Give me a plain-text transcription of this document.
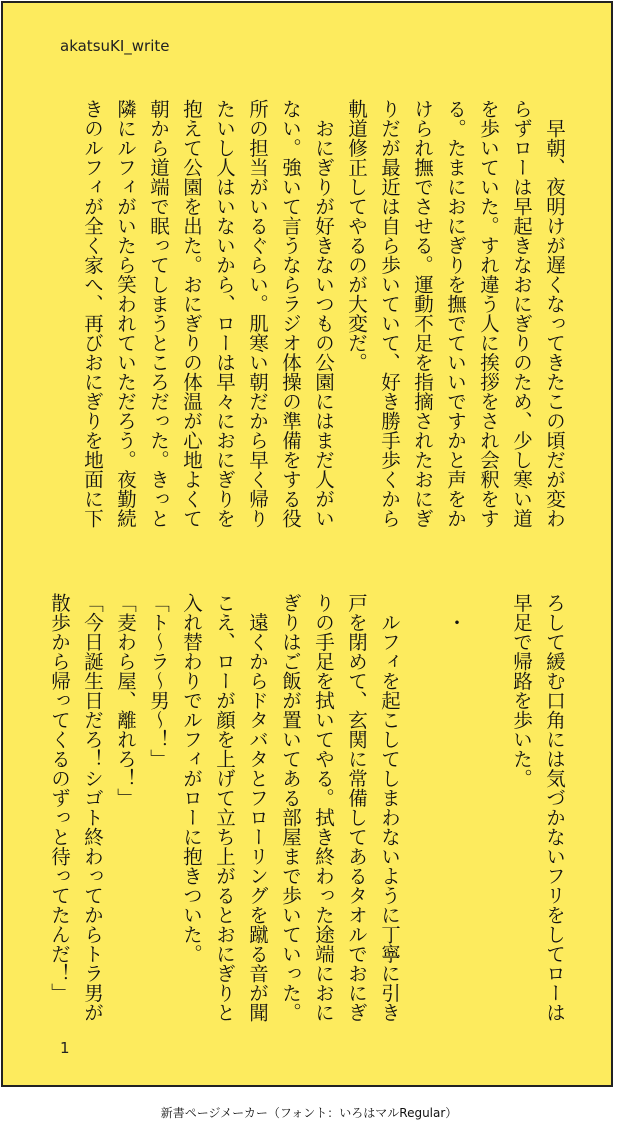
akatsuKI_write

　早朝、夜明けが遅くなってきたこの頃だが変わ

らずローは早起きなおにぎりのため、少し寒い道

を歩いていた。すれ違う人に挨拶をされ会釈をす

る。たまにおにぎりを撫でていいですかと声をか

けられ撫でさせる。運動不足を指摘されたおにぎ

りだが最近は自ら歩いていて、好き勝手歩くから

軌道修正してやるのが大変だ。

　おにぎりが好きないつもの公園にはまだ人がい

ない。強いて言うならラジオ体操の準備をする役

所の担当がいるぐらい。肌寒い朝だから早く帰り

たいし人はいないから、ローは早々におにぎりを

抱えて公園を出た。おにぎりの体温が心地よくて

朝から道端で眠ってしまうところだった。きっと

隣にルフィがいたら笑われていただろう。夜勤続

きのルフィが全く家へ、再びおにぎりを地面に下

ろして緩む口角には気づかないフリをしてローは

早足で帰路を歩いた。

　・

　ルフィを起こしてしまわないように丁寧に引き

戸を閉めて、玄関に常備してあるタオルでおにぎ

りの手足を拭いてやる。拭き終わった途端におに

ぎりはご飯が置いてある部屋まで歩いていった。

　遠くからドタバタとフローリングを蹴る音が聞

こえ、ローが顔を上げて立ち上がるとおにぎりと

入れ替わりでルフィがローに抱きついた。

「ト〜ラ〜男〜！」

「麦わら屋、離れろ！」

「今日誕生日だろ！シゴト終わってからトラ男が

散歩から帰ってくるのずっと待ってたんだ！」

1
新書ページメーカー（フォント：いろはマルRegular）
